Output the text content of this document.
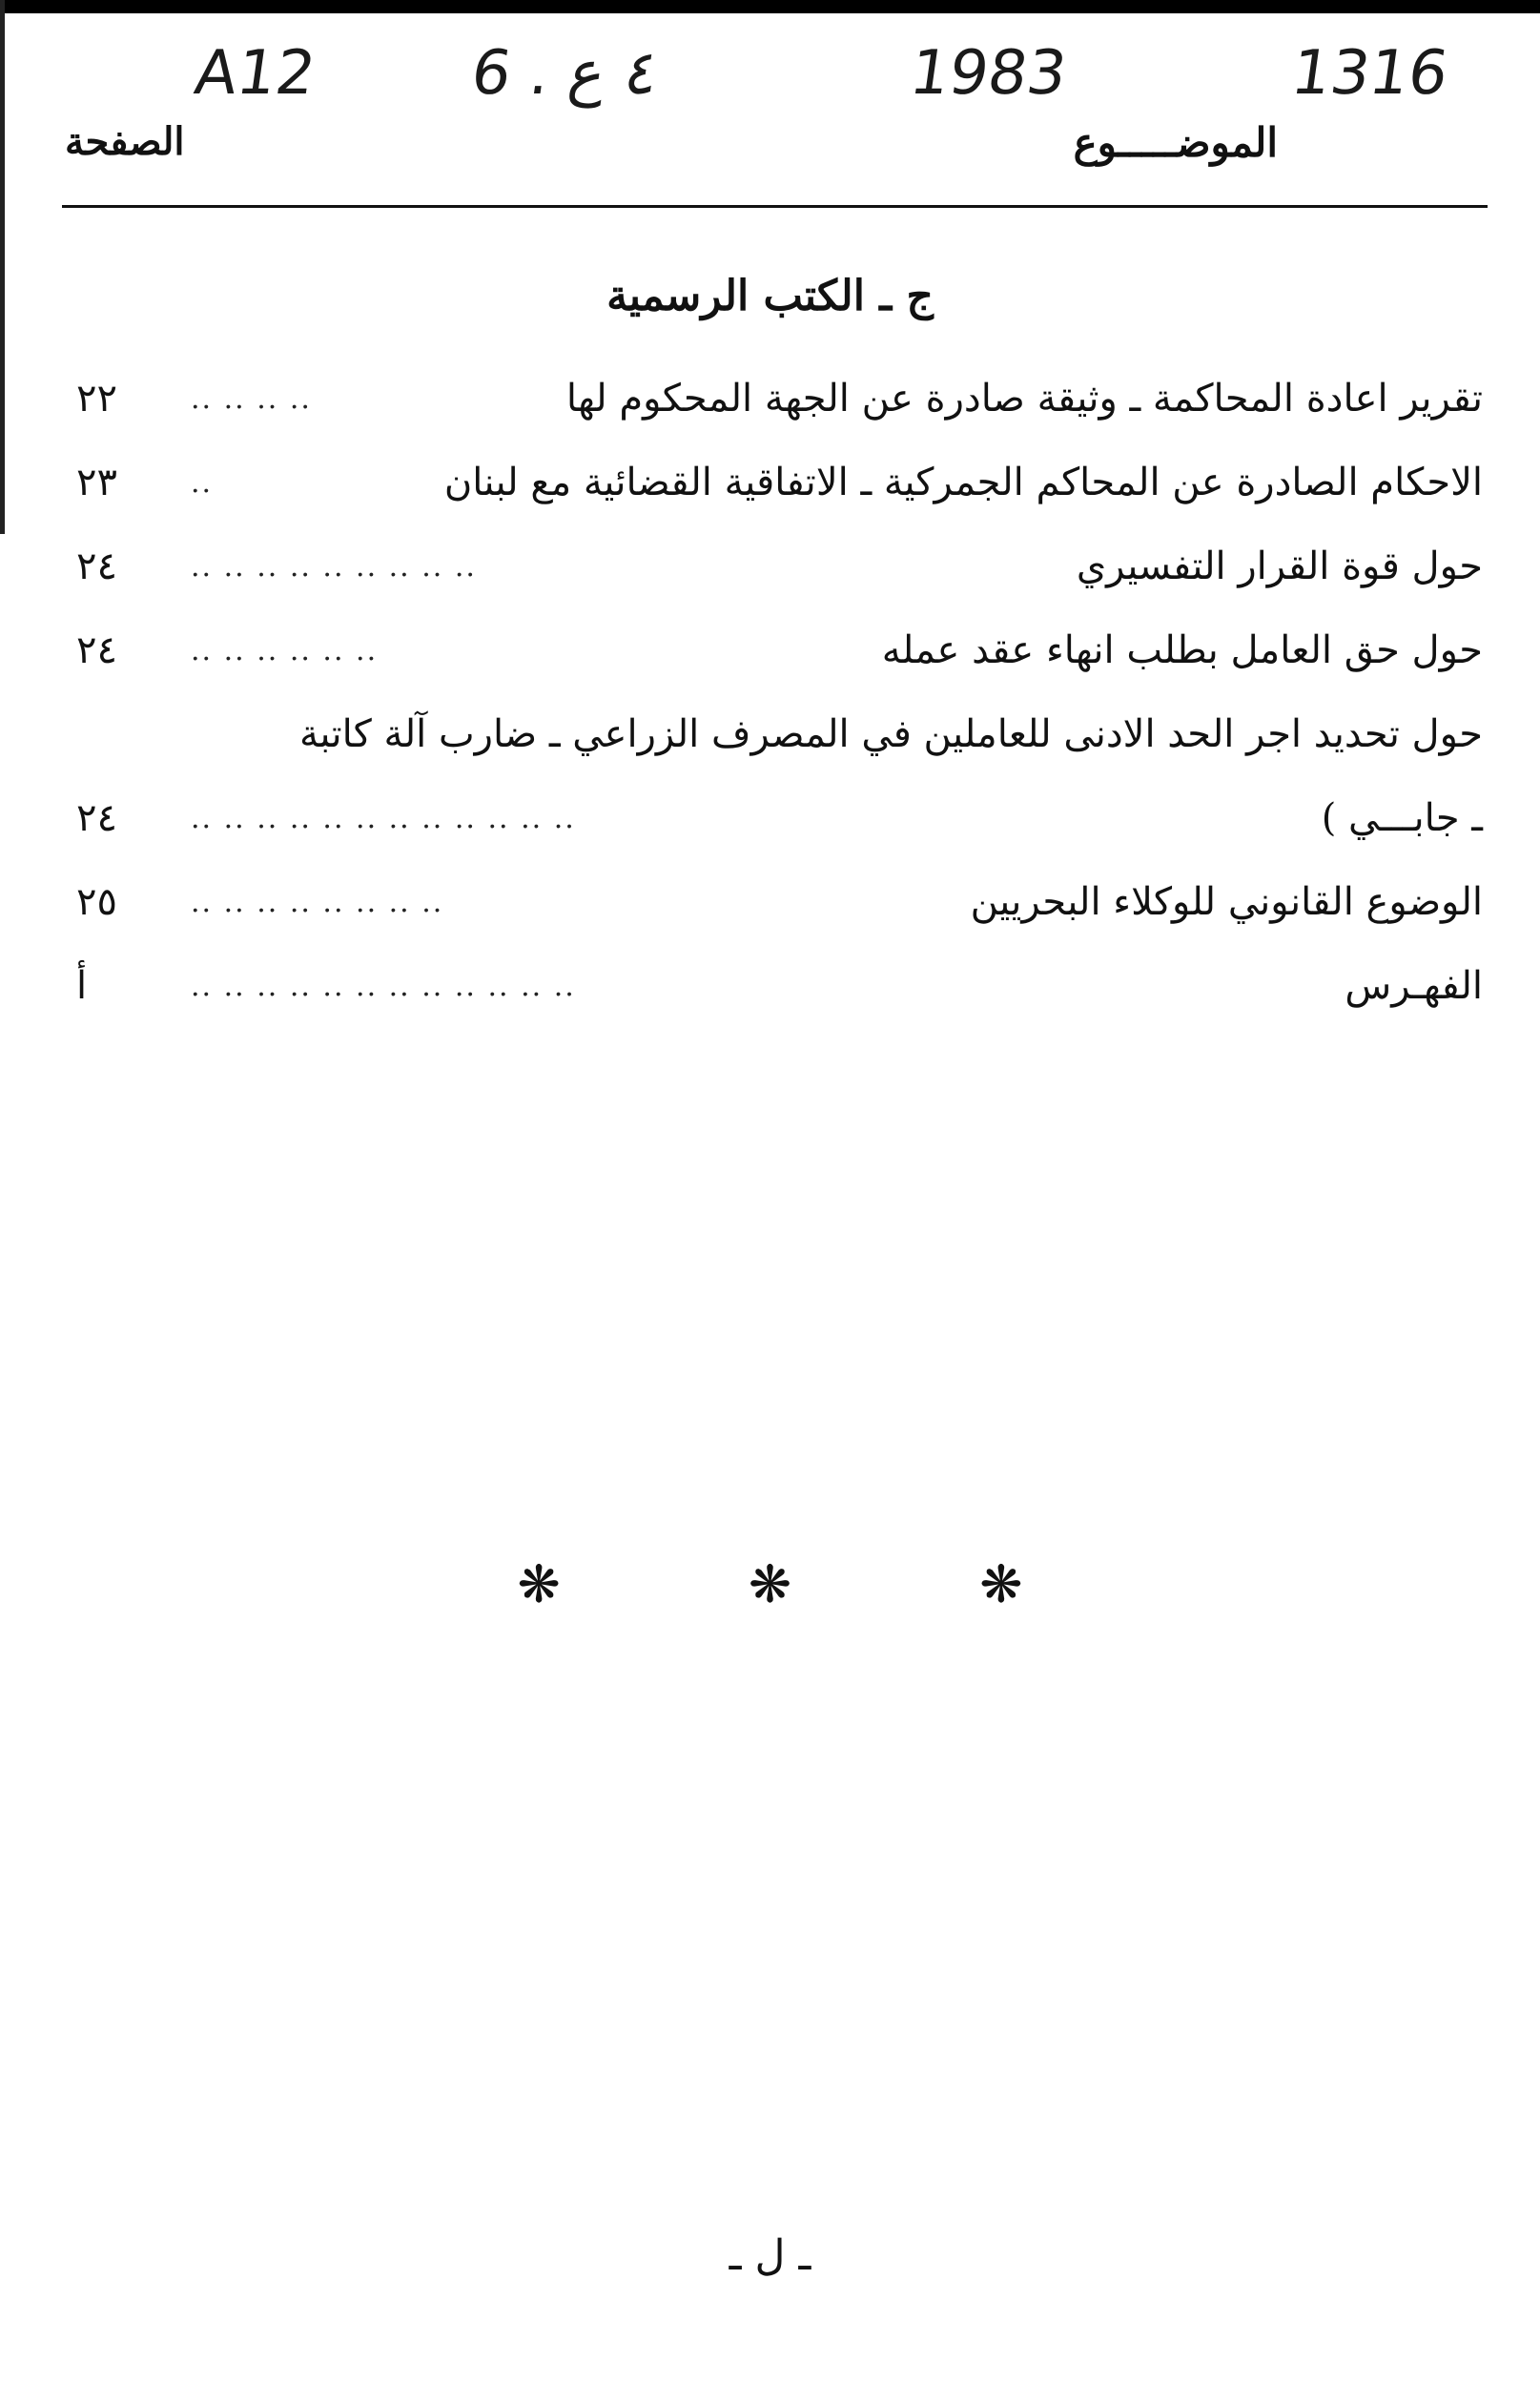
A12 6 . ٤ ع	1983	1316
الموضـــــوع
الصفحة
ج ـ الكتب الرسمية
تقرير اعادة المحاكمة ـ وثيقة صادرة عن الجهة المحكوم لها
.. .. .. ..
٢٢
الاحكام الصادرة عن المحاكم الجمركية ـ الاتفاقية القضائية مع لبنان
..
٢٣
حول قوة القرار التفسيري
.. .. .. .. .. .. .. .. ..
٢٤
حول حق العامل بطلب انهاء عقد عمله
.. .. .. .. .. ..
٢٤
حول تحديد اجر الحد الادنى للعاملين في المصرف الزراعي ـ ضارب آلة كاتبة
ـ جابـــي )
.. .. .. .. .. .. .. .. .. .. .. ..
٢٤
الوضوع القانوني للوكلاء البحريين
.. .. .. .. .. .. .. ..
٢٥
الفهـرس
.. .. .. .. .. .. .. .. .. .. .. ..
أ
❋ ❋ ❋
ـ ل ـ
